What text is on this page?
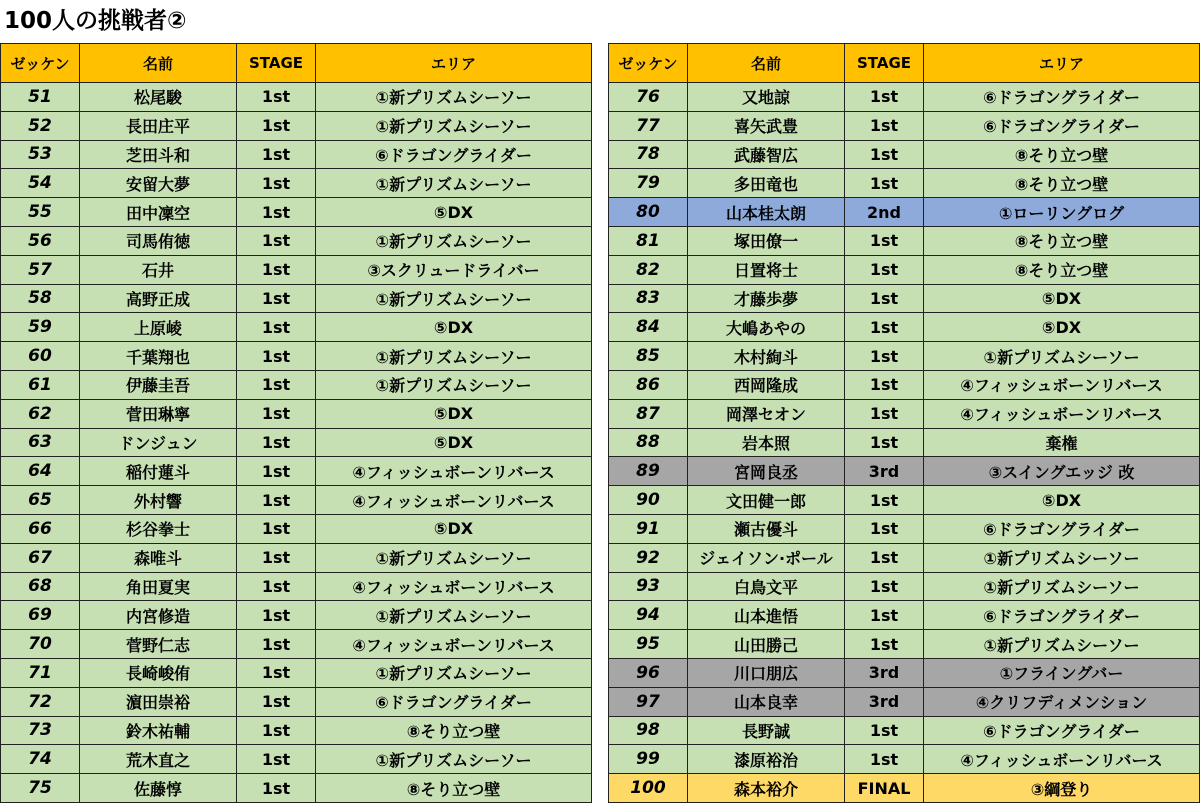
100人の挑戦者②
ゼッケン	名前	STAGE	エリア
51	松尾駿	1st	①新プリズムシーソー
52	長田庄平	1st	①新プリズムシーソー
53	芝田斗和	1st	⑥ドラゴングライダー
54	安留大夢	1st	①新プリズムシーソー
55	田中凜空	1st	⑤DX
56	司馬侑徳	1st	①新プリズムシーソー
57	石井	1st	③スクリュードライバー
58	高野正成	1st	①新プリズムシーソー
59	上原崚	1st	⑤DX
60	千葉翔也	1st	①新プリズムシーソー
61	伊藤圭吾	1st	①新プリズムシーソー
62	菅田琳寧	1st	⑤DX
63	ドンジュン	1st	⑤DX
64	稲付蓮斗	1st	④フィッシュボーンリバース
65	外村響	1st	④フィッシュボーンリバース
66	杉谷拳士	1st	⑤DX
67	森唯斗	1st	①新プリズムシーソー
68	角田夏実	1st	④フィッシュボーンリバース
69	内宮修造	1st	①新プリズムシーソー
70	菅野仁志	1st	④フィッシュボーンリバース
71	長崎峻侑	1st	①新プリズムシーソー
72	濵田崇裕	1st	⑥ドラゴングライダー
73	鈴木祐輔	1st	⑧そり立つ壁
74	荒木直之	1st	①新プリズムシーソー
75	佐藤惇	1st	⑧そり立つ壁
ゼッケン	名前	STAGE	エリア
76	又地諒	1st	⑥ドラゴングライダー
77	喜矢武豊	1st	⑥ドラゴングライダー
78	武藤智広	1st	⑧そり立つ壁
79	多田竜也	1st	⑧そり立つ壁
80	山本桂太朗	2nd	①ローリングログ
81	塚田僚一	1st	⑧そり立つ壁
82	日置将士	1st	⑧そり立つ壁
83	才藤歩夢	1st	⑤DX
84	大嶋あやの	1st	⑤DX
85	木村絢斗	1st	①新プリズムシーソー
86	西岡隆成	1st	④フィッシュボーンリバース
87	岡澤セオン	1st	④フィッシュボーンリバース
88	岩本照	1st	棄権
89	宮岡良丞	3rd	③スイングエッジ 改
90	文田健一郎	1st	⑤DX
91	瀬古優斗	1st	⑥ドラゴングライダー
92	ジェイソン·ポール	1st	①新プリズムシーソー
93	白鳥文平	1st	①新プリズムシーソー
94	山本進悟	1st	⑥ドラゴングライダー
95	山田勝己	1st	①新プリズムシーソー
96	川口朋広	3rd	①フライングバー
97	山本良幸	3rd	④クリフディメンション
98	長野誠	1st	⑥ドラゴングライダー
99	漆原裕治	1st	④フィッシュボーンリバース
100	森本裕介	FINAL	③綱登り
